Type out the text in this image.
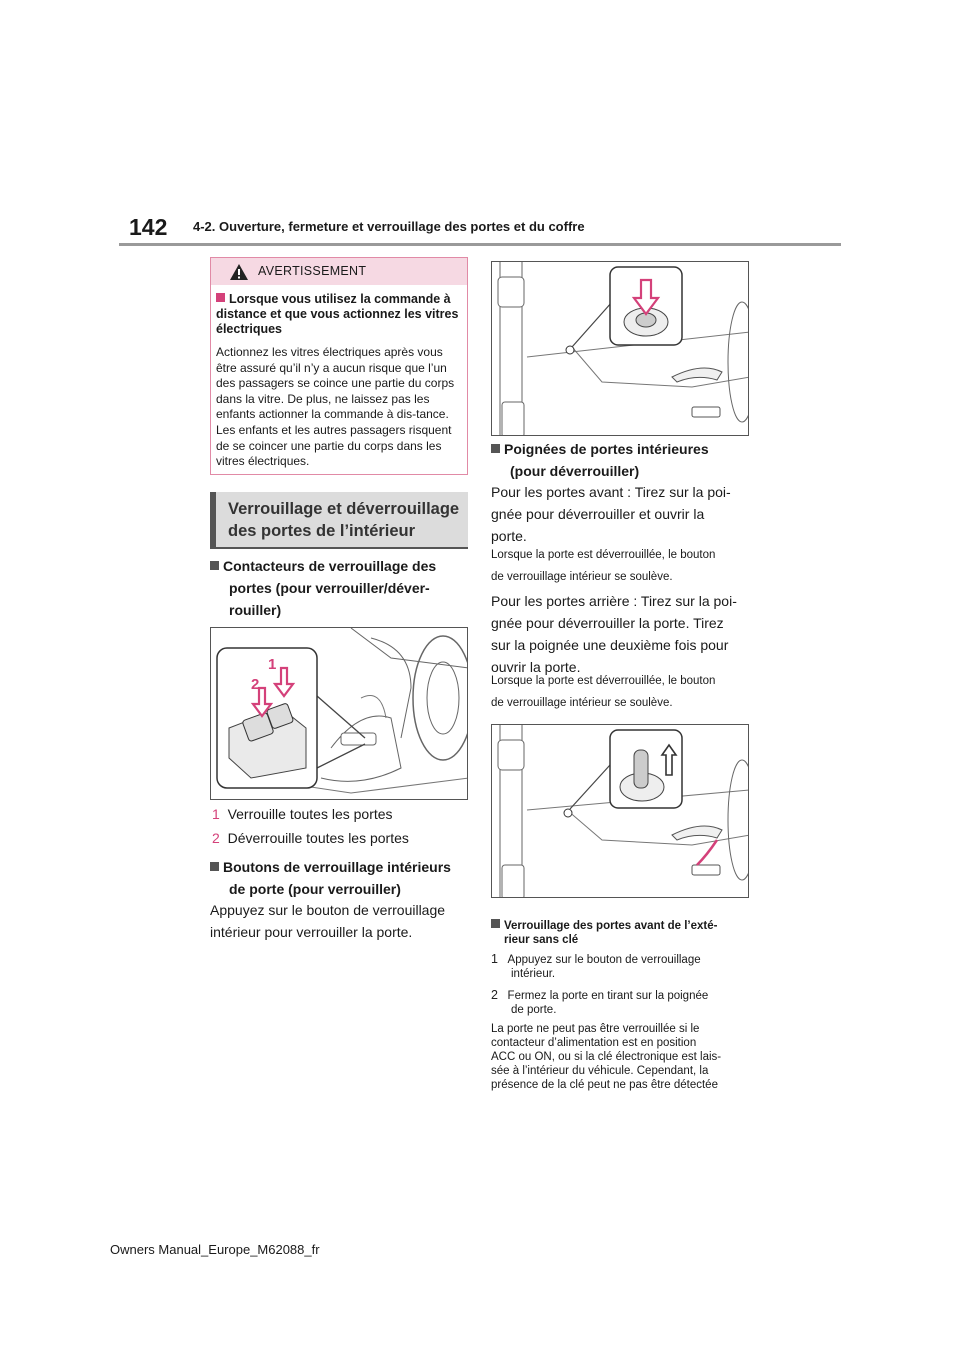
142 4-2. Ouverture, fermeture et verrouillage des portes et du coffre
AVERTISSEMENT
Lorsque vous utilisez la commande à distance et que vous actionnez les vitres électriques
Actionnez les vitres électriques après vous être assuré qu’il n’y a aucun risque que l’un des passagers se coince une partie du corps dans la vitre. De plus, ne laissez pas les enfants actionner la commande à dis-tance. Les enfants et les autres passagers risquent de se coincer une partie du corps dans les vitres électriques.
Verrouillage et déverrouillage
des portes de l’intérieur
Contacteurs de verrouillage des
portes (pour verrouiller/déver-
rouiller)
1
2
1 Verrouille toutes les portes
2 Déverrouille toutes les portes
Boutons de verrouillage intérieurs
de porte (pour verrouiller)
Appuyez sur le bouton de verrouillage
intérieur pour verrouiller la porte.
Poignées de portes intérieures
(pour déverrouiller)
Pour les portes avant : Tirez sur la poi-
gnée pour déverrouiller et ouvrir la
porte.
Lorsque la porte est déverrouillée, le bouton
de verrouillage intérieur se soulève.
Pour les portes arrière : Tirez sur la poi-
gnée pour déverrouiller la porte. Tirez
sur la poignée une deuxième fois pour
ouvrir la porte.
Lorsque la porte est déverrouillée, le bouton
de verrouillage intérieur se soulève.
Verrouillage des portes avant de l’exté-
rieur sans clé
1 Appuyez sur le bouton de verrouillage
intérieur.
2 Fermez la porte en tirant sur la poignée
de porte.
La porte ne peut pas être verrouillée si le
contacteur d’alimentation est en position
ACC ou ON, ou si la clé électronique est lais-
sée à l’intérieur du véhicule. Cependant, la
présence de la clé peut ne pas être détectée
Owners Manual_Europe_M62088_fr
